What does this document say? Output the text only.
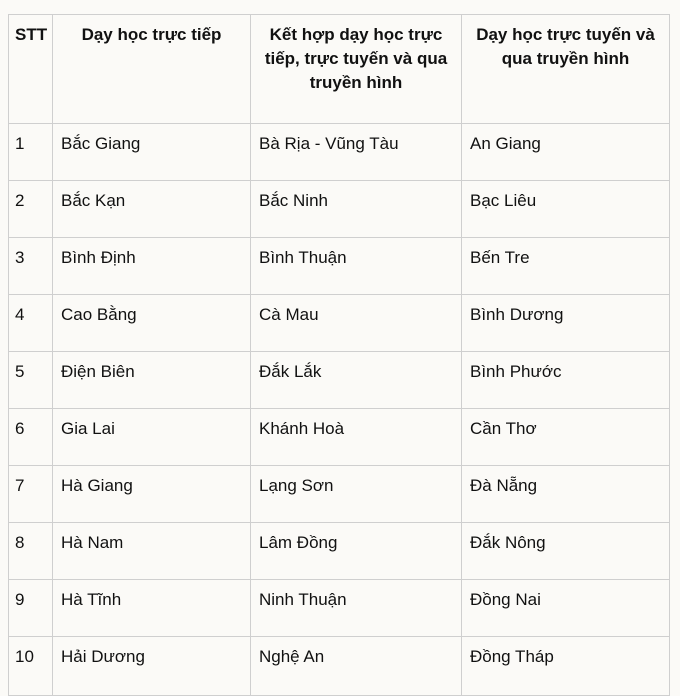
STT	Dạy học trực tiếp	Kết hợp dạy học trực tiếp, trực tuyến và qua truyền hình	Dạy học trực tuyến và qua truyền hình
1	Bắc Giang	Bà Rịa - Vũng Tàu	An Giang
2	Bắc Kạn	Bắc Ninh	Bạc Liêu
3	Bình Định	Bình Thuận	Bến Tre
4	Cao Bằng	Cà Mau	Bình Dương
5	Điện Biên	Đắk Lắk	Bình Phước
6	Gia Lai	Khánh Hoà	Cần Thơ
7	Hà Giang	Lạng Sơn	Đà Nẵng
8	Hà Nam	Lâm Đồng	Đắk Nông
9	Hà Tĩnh	Ninh Thuận	Đồng Nai
10	Hải Dương	Nghệ An	Đồng Tháp
